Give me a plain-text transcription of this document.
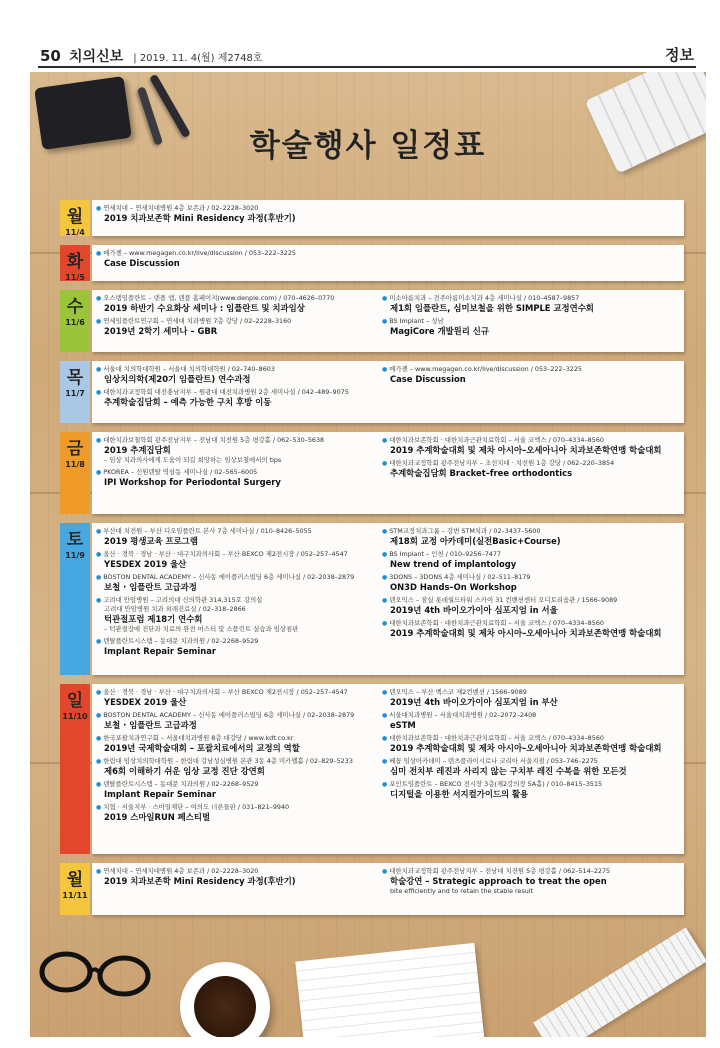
50 치의신보 | 2019. 11. 4(월) 제2748호	정보
학술행사 일정표
월
11/4
● 연세치대 – 연세치대병원 4층 보존과 / 02–2228–3020
2019 치과보존학 Mini Residency 과정(후반기)
화
11/5
● 메가젠 – www.megagen.co.kr/live/discussion / 053–222–3225
Case Discussion
수
11/6
● 오스템임플란트 – 덴플 앱, 덴플 홈페이지(www.denple.com) / 070–4626–0770
2019 하반기 수요화상 세미나 : 임플란트 및 치과임상
● 연세임플란트연구회 – 연세대 치과병원 7층 강당 / 02–2228–3160
2019년 2학기 세미나 – GBR
● 미소아름치과 – 전주아름미소치과 4층 세미나실 / 010–4587–9857
제1회 임플란트, 심미보철을 위한 SIMPLE 교정연수회
● BS Implant – 성남
MagiCore 개발원리 신규
목
11/7
● 서울대 치의학대학원 – 서울대 치의학대학원 / 02–740–8603
임상치의학(제20기 임플란트) 연수과정
● 대한치과교정학회 대전충남지부 – 원광대 대전치과병원 2층 세미나실 / 042–489–9075
추계학술집담회 – 예측 가능한 구치 후방 이동
● 메가젠 – www.megagen.co.kr/live/discussion / 053–222–3225
Case Discussion
금
11/8
● 대한치과보철학회 광주전남지부 – 전남대 치전원 5층 평강홀 / 062–530–5638
2019 추계집담회
– 임상 치과의사에게 도움이 되길 희망하는 임상보철에서의 tips
● PKOREA – 신원덴탈 역삼동 세미나실 / 02–565–6005
IPI Workshop for Periodontal Surgery
● 대한치과보존학회 · 대한치과근관치료학회 – 서울 코엑스 / 070–4334–8560
2019 추계학술대회 및 제차 아시아–오세아니아 치과보존학연맹 학술대회
● 대한치과교정학회 광주전남지부 – 조선치대 · 치전원 1층 강당 / 062–220–3854
추계학술집담회 Bracket–free orthodontics
토
11/9
● 부산대 치전원 – 부산 디오임플란트 본사 7층 세미나실 / 010–8426–5055
2019 평생교육 프로그램
● 울산 · 경북 · 경남 · 부산 · 대구치과의사회 – 부산 BEXCO 제2전시장 / 052–257–4547
YESDEX 2019 울산
● BOSTON DENTAL ACADEMY – 신사동 에이플러스빌딩 6층 세미나실 / 02–2038–2879
보철 · 임플란트 고급과정
● 고려대 안암병원 – 고려의대 신의학관 314,315호 강의실
고려대 안암병원 치과 외래진료실 / 02–318–2866
턱관절포럼 제18기 연수회
– 턱관절장애 진단과 치료의 완전 마스터 및 스플린트 실습과 임상침판
● 덴탈플란트시스템 – 동대문 치과의원 / 02–2268–9529
Implant Repair Seminar
● STM교정치과그룹 – 강변 STM치과 / 02–3437–5600
제18회 교정 아카데미(실전Basic+Course)
● BS Implant – 인천 / 010–9256–7477
New trend of implantology
● 3DONS – 3DONS 4층 세미나실 / 02–511–8179
ON3D Hands–On Workshop
● 덴오믹스 – 잠실 롯데월드타워 스카이 31 컨벤션센터 오디토리움관 / 1566–9089
2019년 4th 바이오가이아 심포지엄 in 서울
● 대한치과보존학회 · 대한치과근관치료학회 – 서울 코엑스 / 070–4334–8560
2019 추계학술대회 및 제차 아시아–오세아니아 치과보존학연맹 학술대회
일
11/10
● 울산 · 경북 · 경남 · 부산 · 대구치과의사회 – 부산 BEXCO 제2전시장 / 052–257–4547
YESDEX 2019 울산
● BOSTON DENTAL ACADEMY – 신사동 에이플러스빌딩 6층 세미나실 / 02–2038–2879
보철 · 임플란트 고급과정
● 한국포괄치과연구회 – 서울대치과병원 8층 대강당 / www.kdt.co.kr
2019년 국제학술대회 – 포괄치료에서의 교정의 역할
● 한림대 임상치의학대학원 – 한림대 강남성심병원 본관 3동 4층 미카엘홀 / 02–829–5233
제6회 이해하기 쉬운 임상 교정 진단 강연회
● 덴탈플란트시스템 – 동대문 치과의원 / 02–2268–9529
Implant Repair Seminar
● 치협 · 서울지부 · 스마일재단 – 여의도 너른들판 / 031–821–9940
2019 스마일RUN 페스티벌
● 덴오믹스 – 부산 벡스코 제2컨벤션 / 1566–9089
2019년 4th 바이오가이아 심포지엄 in 부산
● 서울대치과병원 – 서울대치과병원 / 02–2072–2408
eSTM
● 대한치과보존학회 · 대한치과근관치료학회 – 서울 코엑스 / 070–4334–8560
2019 추계학술대회 및 제차 아시아–오세아니아 치과보존학연맹 학술대회
● 베꼽 임상아카데미 – 덴츠플라이시로나 코리아 서울지점 / 053–746–2275
심미 전치부 레진과 사리지 않는 구치부 레진 수복을 위한 모든것
● 포인트임플란트 – BEXCO 전시장 3층(제2강의장 5A홀) / 010–8415–3515
디지털을 이용한 서지컬가이드의 활용
월
11/11
● 연세치대 – 연세치대병원 4층 보존과 / 02–2228–3020
2019 치과보존학 Mini Residency 과정(후반기)
● 대한치과교정학회 광주전남지부 – 전남대 치전원 5층 평강홀 / 062–514–2275
학술강연 – Strategic approach to treat the open
bite efficiently and to retain the stable result
